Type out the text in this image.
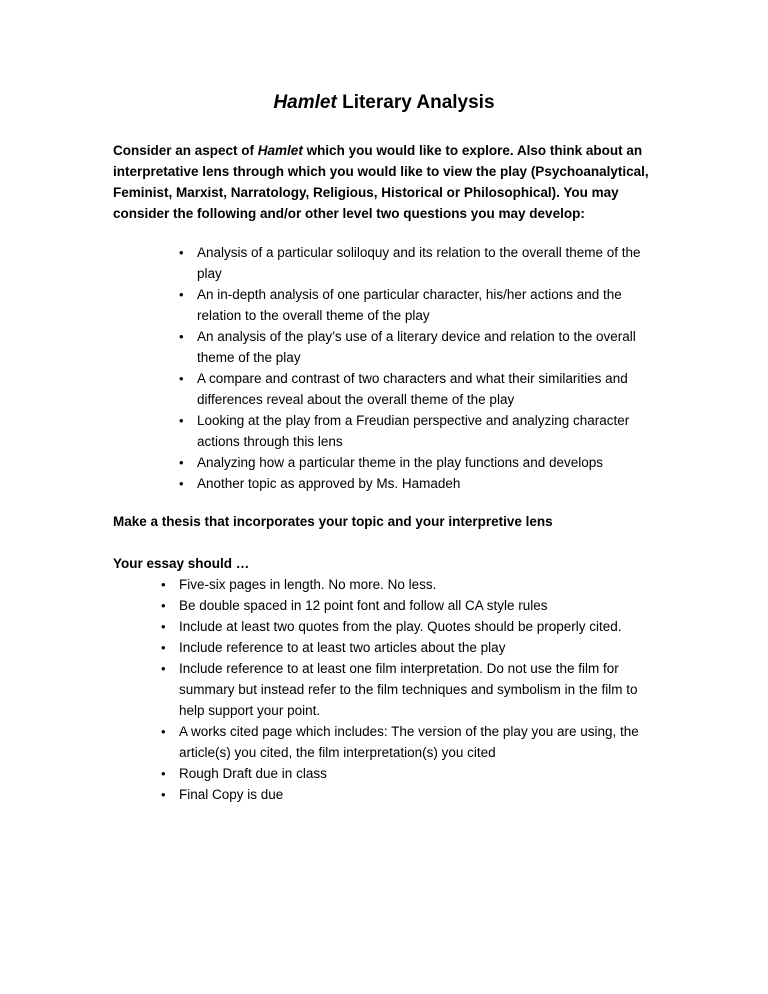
Hamlet Literary Analysis

Consider an aspect of Hamlet which you would like to explore. Also think about an interpretative lens through which you would like to view the play (Psychoanalytical, Feminist, Marxist, Narratology, Religious, Historical or Philosophical). You may consider the following and/or other level two questions you may develop:

• Analysis of a particular soliloquy and its relation to the overall theme of the play
• An in-depth analysis of one particular character, his/her actions and the relation to the overall theme of the play
• An analysis of the play’s use of a literary device and relation to the overall theme of the play
• A compare and contrast of two characters and what their similarities and differences reveal about the overall theme of the play
• Looking at the play from a Freudian perspective and analyzing character actions through this lens
• Analyzing how a particular theme in the play functions and develops
• Another topic as approved by Ms. Hamadeh

Make a thesis that incorporates your topic and your interpretive lens

Your essay should …

• Five-six pages in length. No more. No less.
• Be double spaced in 12 point font and follow all CA style rules
• Include at least two quotes from the play. Quotes should be properly cited.
• Include reference to at least two articles about the play
• Include reference to at least one film interpretation. Do not use the film for summary but instead refer to the film techniques and symbolism in the film to help support your point.
• A works cited page which includes: The version of the play you are using, the article(s) you cited, the film interpretation(s) you cited
• Rough Draft due in class
• Final Copy is due
